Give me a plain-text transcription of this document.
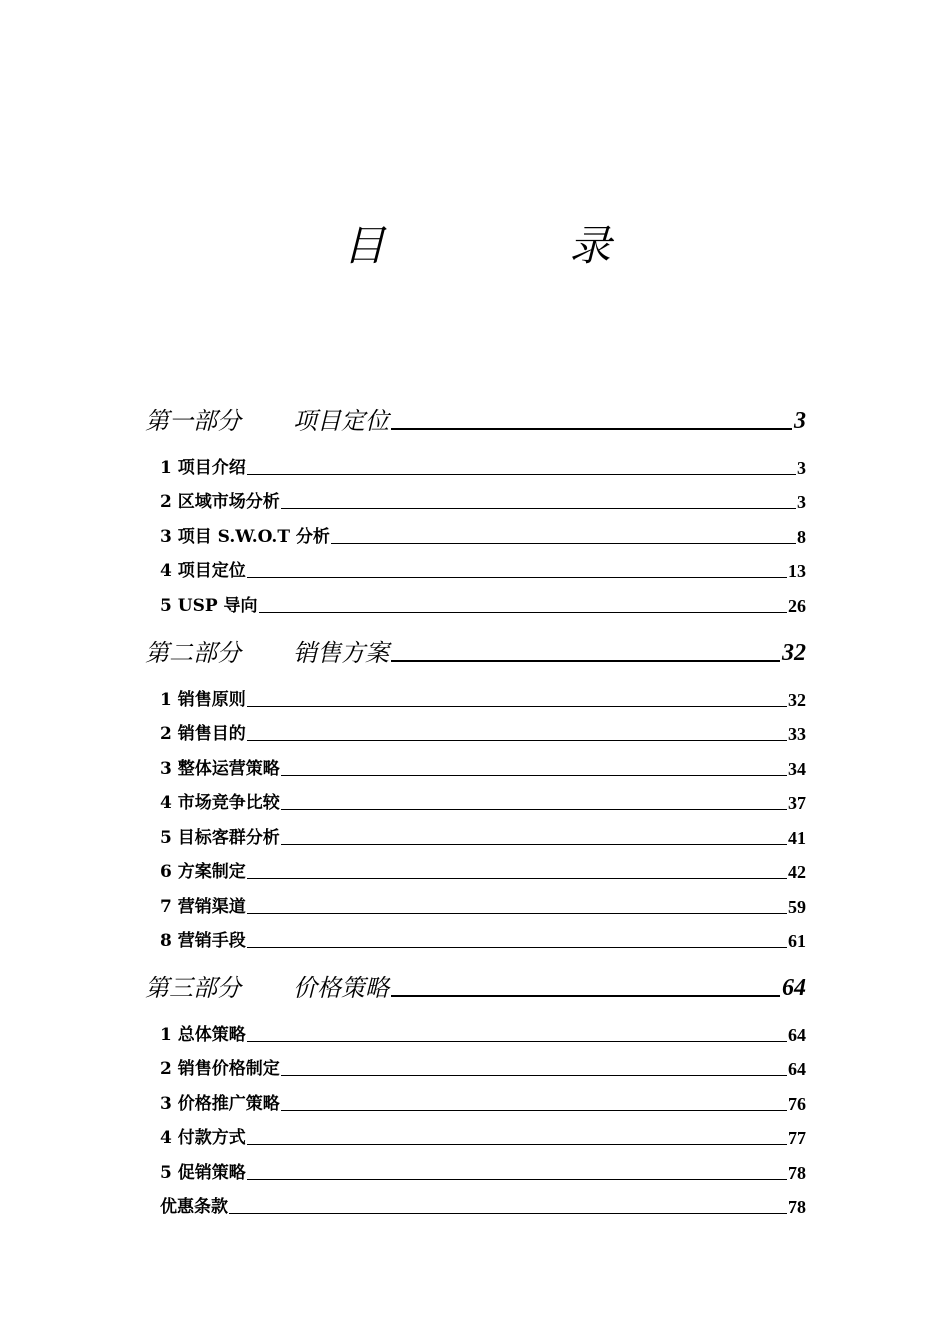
目	录
第一部分 项目定位	3
1 项目介绍	3
2 区域市场分析	3
3 项目 S.W.O.T 分析	8
4 项目定位	13
5 USP 导向	26
第二部分 销售方案	32
1 销售原则	32
2 销售目的	33
3 整体运营策略	34
4 市场竞争比较	37
5 目标客群分析	41
6 方案制定	42
7 营销渠道	59
8 营销手段	61
第三部分 价格策略	64
1 总体策略	64
2 销售价格制定	64
3 价格推广策略	76
4 付款方式	77
5 促销策略	78
优惠条款	78
